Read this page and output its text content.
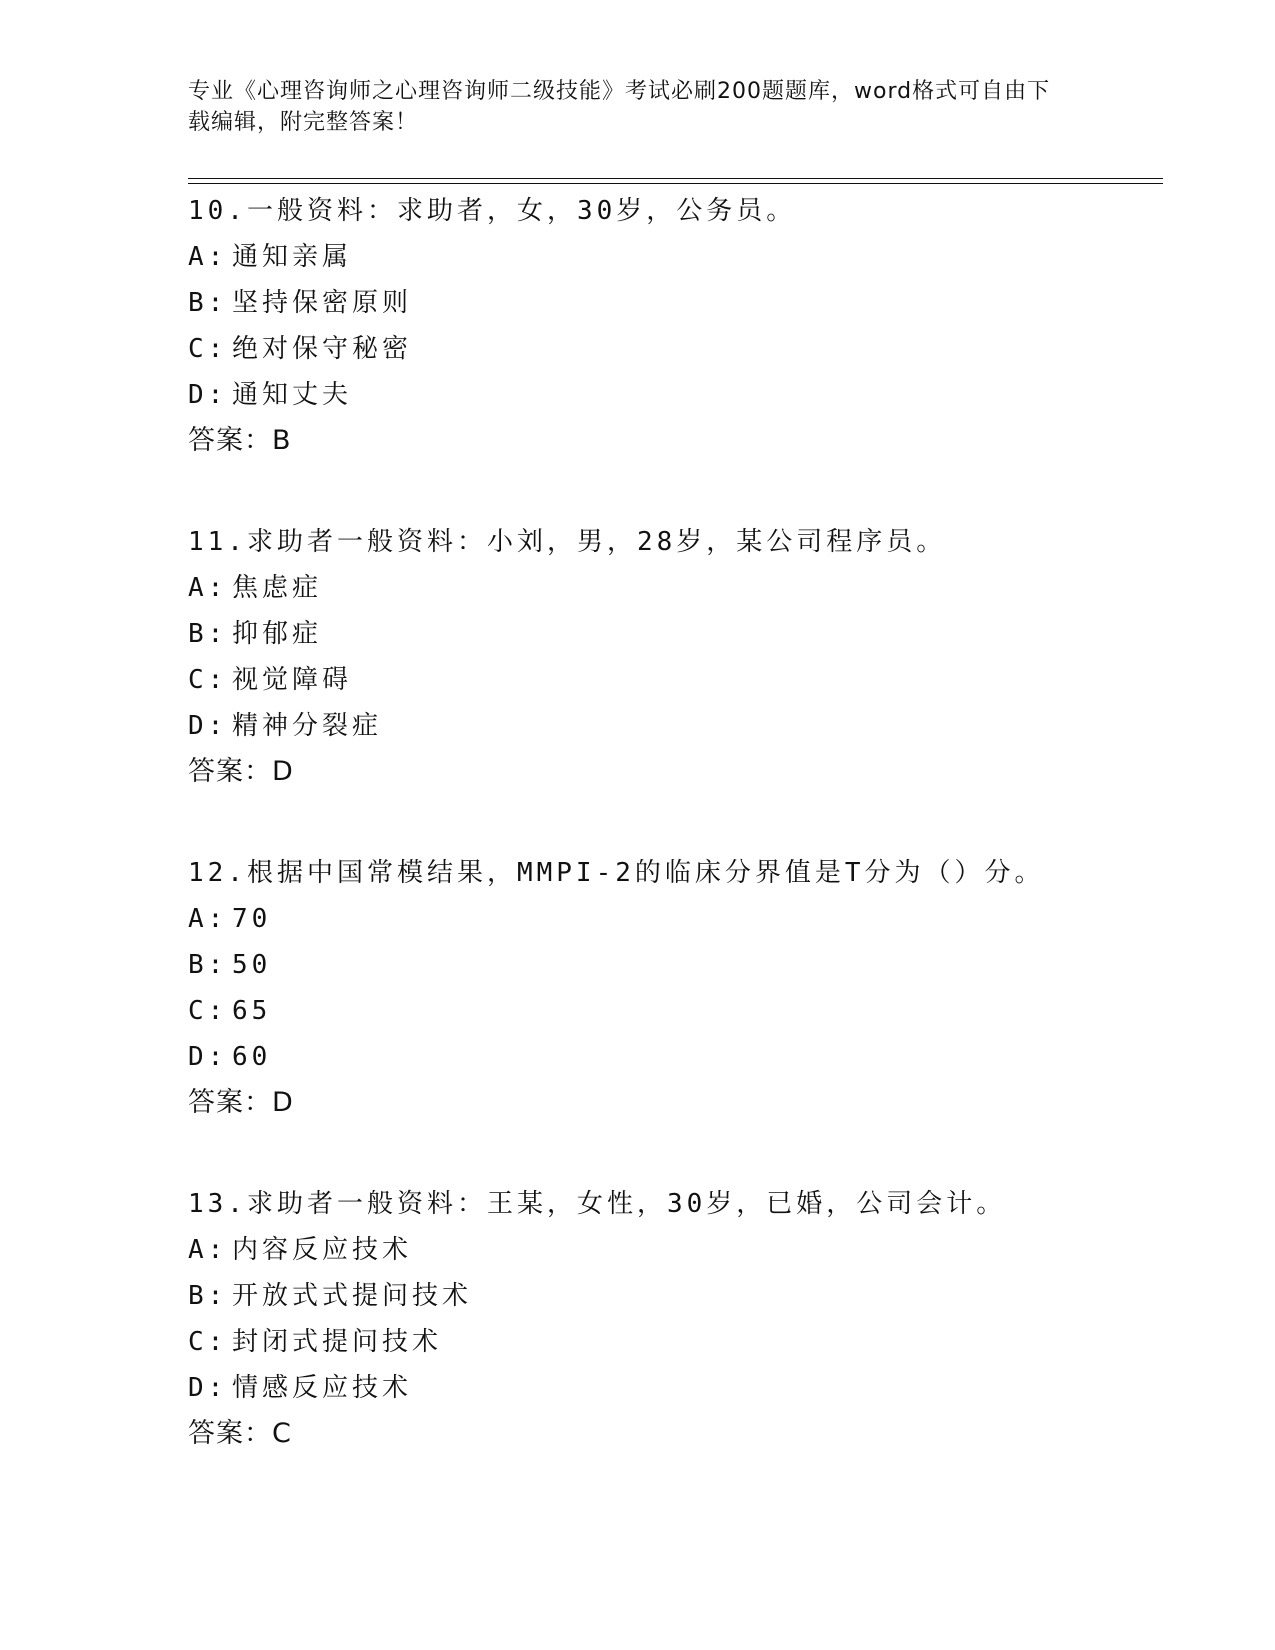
专业《心理咨询师之心理咨询师二级技能》考试必刷200题题库，word格式可自由下载编辑，附完整答案！
10.一般资料：求助者，女，30岁，公务员。
A: 通知亲属
B: 坚持保密原则
C: 绝对保守秘密
D: 通知丈夫
答案：B
11.求助者一般资料：小刘，男，28岁，某公司程序员。
A: 焦虑症
B: 抑郁症
C: 视觉障碍
D: 精神分裂症
答案：D
12.根据中国常模结果，MMPI-2的临床分界值是T分为（）分。
A: 70
B: 50
C: 65
D: 60
答案：D
13.求助者一般资料：王某，女性，30岁，已婚，公司会计。
A: 内容反应技术
B: 开放式式提问技术
C: 封闭式提问技术
D: 情感反应技术
答案：C
